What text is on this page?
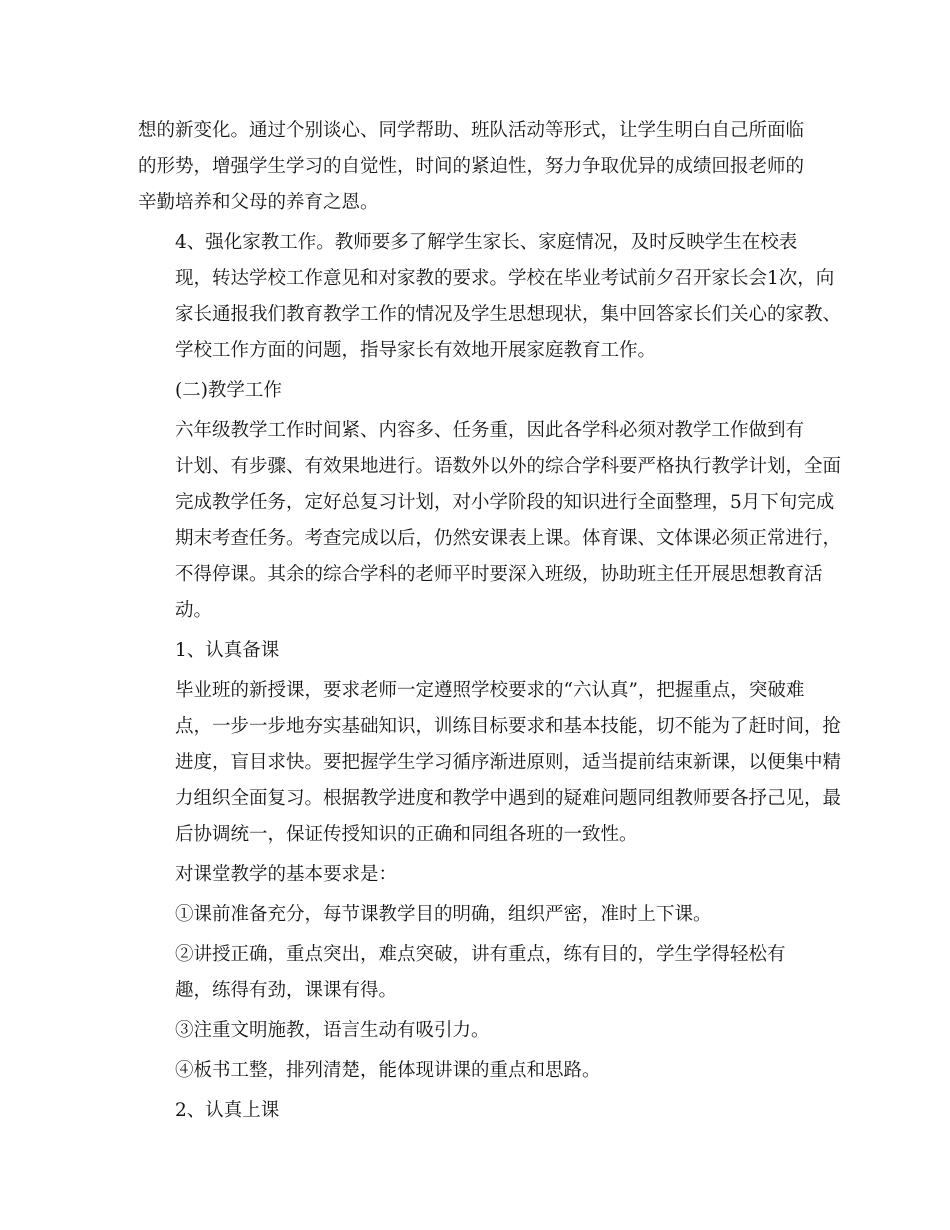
想的新变化。通过个别谈心、同学帮助、班队活动等形式，让学生明白自己所面临
的形势，增强学生学习的自觉性，时间的紧迫性，努力争取优异的成绩回报老师的
辛勤培养和父母的养育之恩。
4、强化家教工作。教师要多了解学生家长、家庭情况，及时反映学生在校表
现，转达学校工作意见和对家教的要求。学校在毕业考试前夕召开家长会1次，向
家长通报我们教育教学工作的情况及学生思想现状，集中回答家长们关心的家教、
学校工作方面的问题，指导家长有效地开展家庭教育工作。
(二)教学工作
六年级教学工作时间紧、内容多、任务重，因此各学科必须对教学工作做到有
计划、有步骤、有效果地进行。语数外以外的综合学科要严格执行教学计划，全面
完成教学任务，定好总复习计划，对小学阶段的知识进行全面整理，5月下旬完成
期末考查任务。考查完成以后，仍然安课表上课。体育课、文体课必须正常进行，
不得停课。其余的综合学科的老师平时要深入班级，协助班主任开展思想教育活
动。
1、认真备课
毕业班的新授课，要求老师一定遵照学校要求的“六认真”，把握重点，突破难
点，一步一步地夯实基础知识，训练目标要求和基本技能，切不能为了赶时间，抢
进度，盲目求快。要把握学生学习循序渐进原则，适当提前结束新课，以便集中精
力组织全面复习。根据教学进度和教学中遇到的疑难问题同组教师要各抒己见，最
后协调统一，保证传授知识的正确和同组各班的一致性。
对课堂教学的基本要求是：
①课前准备充分，每节课教学目的明确，组织严密，准时上下课。
②讲授正确，重点突出，难点突破，讲有重点，练有目的，学生学得轻松有
趣，练得有劲，课课有得。
③注重文明施教，语言生动有吸引力。
④板书工整，排列清楚，能体现讲课的重点和思路。
2、认真上课
